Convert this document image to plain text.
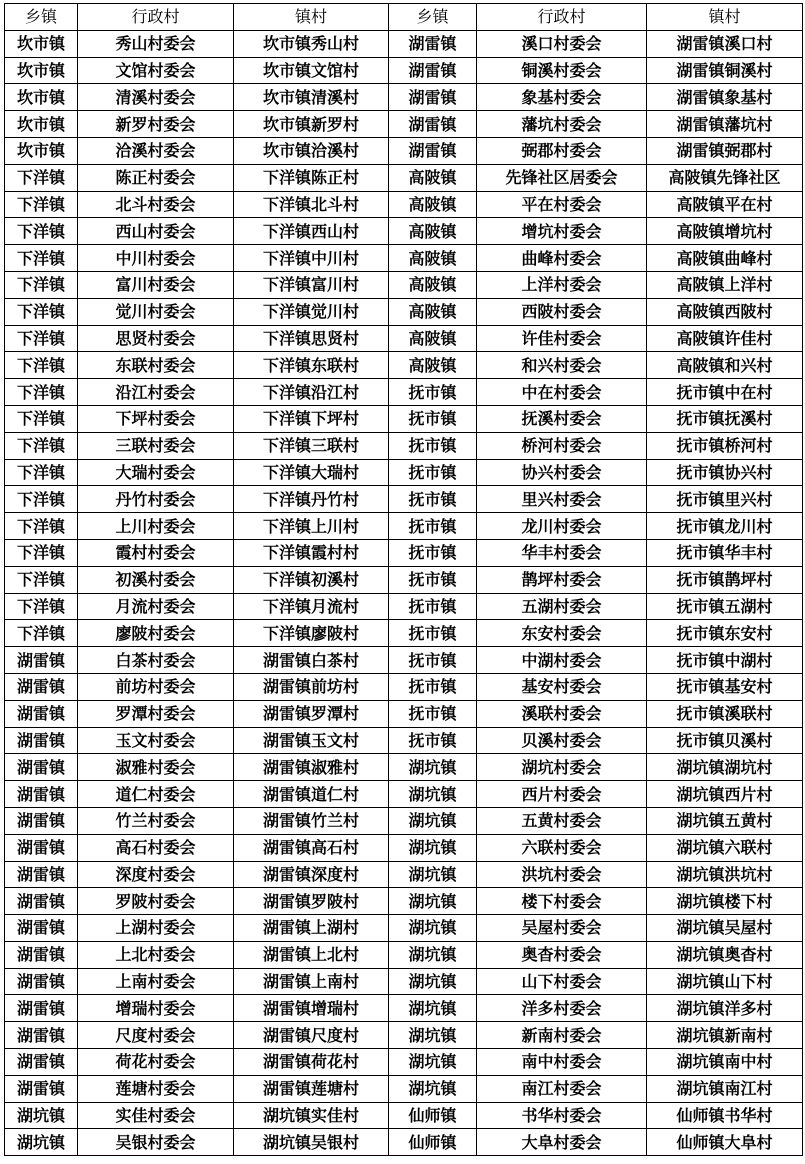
乡镇	行政村	镇村	乡镇	行政村	镇村
坎市镇	秀山村委会	坎市镇秀山村	湖雷镇	溪口村委会	湖雷镇溪口村
坎市镇	文馆村委会	坎市镇文馆村	湖雷镇	铜溪村委会	湖雷镇铜溪村
坎市镇	清溪村委会	坎市镇清溪村	湖雷镇	象基村委会	湖雷镇象基村
坎市镇	新罗村委会	坎市镇新罗村	湖雷镇	藩坑村委会	湖雷镇藩坑村
坎市镇	洽溪村委会	坎市镇洽溪村	湖雷镇	弼郡村委会	湖雷镇弼郡村
下洋镇	陈正村委会	下洋镇陈正村	高陂镇	先锋社区居委会	高陂镇先锋社区
下洋镇	北斗村委会	下洋镇北斗村	高陂镇	平在村委会	高陂镇平在村
下洋镇	西山村委会	下洋镇西山村	高陂镇	增坑村委会	高陂镇增坑村
下洋镇	中川村委会	下洋镇中川村	高陂镇	曲峰村委会	高陂镇曲峰村
下洋镇	富川村委会	下洋镇富川村	高陂镇	上洋村委会	高陂镇上洋村
下洋镇	觉川村委会	下洋镇觉川村	高陂镇	西陂村委会	高陂镇西陂村
下洋镇	思贤村委会	下洋镇思贤村	高陂镇	许佳村委会	高陂镇许佳村
下洋镇	东联村委会	下洋镇东联村	高陂镇	和兴村委会	高陂镇和兴村
下洋镇	沿江村委会	下洋镇沿江村	抚市镇	中在村委会	抚市镇中在村
下洋镇	下坪村委会	下洋镇下坪村	抚市镇	抚溪村委会	抚市镇抚溪村
下洋镇	三联村委会	下洋镇三联村	抚市镇	桥河村委会	抚市镇桥河村
下洋镇	大瑞村委会	下洋镇大瑞村	抚市镇	协兴村委会	抚市镇协兴村
下洋镇	丹竹村委会	下洋镇丹竹村	抚市镇	里兴村委会	抚市镇里兴村
下洋镇	上川村委会	下洋镇上川村	抚市镇	龙川村委会	抚市镇龙川村
下洋镇	霞村村委会	下洋镇霞村村	抚市镇	华丰村委会	抚市镇华丰村
下洋镇	初溪村委会	下洋镇初溪村	抚市镇	鹊坪村委会	抚市镇鹊坪村
下洋镇	月流村委会	下洋镇月流村	抚市镇	五湖村委会	抚市镇五湖村
下洋镇	廖陂村委会	下洋镇廖陂村	抚市镇	东安村委会	抚市镇东安村
湖雷镇	白茶村委会	湖雷镇白茶村	抚市镇	中湖村委会	抚市镇中湖村
湖雷镇	前坊村委会	湖雷镇前坊村	抚市镇	基安村委会	抚市镇基安村
湖雷镇	罗潭村委会	湖雷镇罗潭村	抚市镇	溪联村委会	抚市镇溪联村
湖雷镇	玉文村委会	湖雷镇玉文村	抚市镇	贝溪村委会	抚市镇贝溪村
湖雷镇	淑雅村委会	湖雷镇淑雅村	湖坑镇	湖坑村委会	湖坑镇湖坑村
湖雷镇	道仁村委会	湖雷镇道仁村	湖坑镇	西片村委会	湖坑镇西片村
湖雷镇	竹兰村委会	湖雷镇竹兰村	湖坑镇	五黄村委会	湖坑镇五黄村
湖雷镇	高石村委会	湖雷镇高石村	湖坑镇	六联村委会	湖坑镇六联村
湖雷镇	深度村委会	湖雷镇深度村	湖坑镇	洪坑村委会	湖坑镇洪坑村
湖雷镇	罗陂村委会	湖雷镇罗陂村	湖坑镇	楼下村委会	湖坑镇楼下村
湖雷镇	上湖村委会	湖雷镇上湖村	湖坑镇	吴屋村委会	湖坑镇吴屋村
湖雷镇	上北村委会	湖雷镇上北村	湖坑镇	奥杳村委会	湖坑镇奥杳村
湖雷镇	上南村委会	湖雷镇上南村	湖坑镇	山下村委会	湖坑镇山下村
湖雷镇	增瑞村委会	湖雷镇增瑞村	湖坑镇	洋多村委会	湖坑镇洋多村
湖雷镇	尺度村委会	湖雷镇尺度村	湖坑镇	新南村委会	湖坑镇新南村
湖雷镇	荷花村委会	湖雷镇荷花村	湖坑镇	南中村委会	湖坑镇南中村
湖雷镇	莲塘村委会	湖雷镇莲塘村	湖坑镇	南江村委会	湖坑镇南江村
湖坑镇	实佳村委会	湖坑镇实佳村	仙师镇	书华村委会	仙师镇书华村
湖坑镇	吴银村委会	湖坑镇吴银村	仙师镇	大阜村委会	仙师镇大阜村
